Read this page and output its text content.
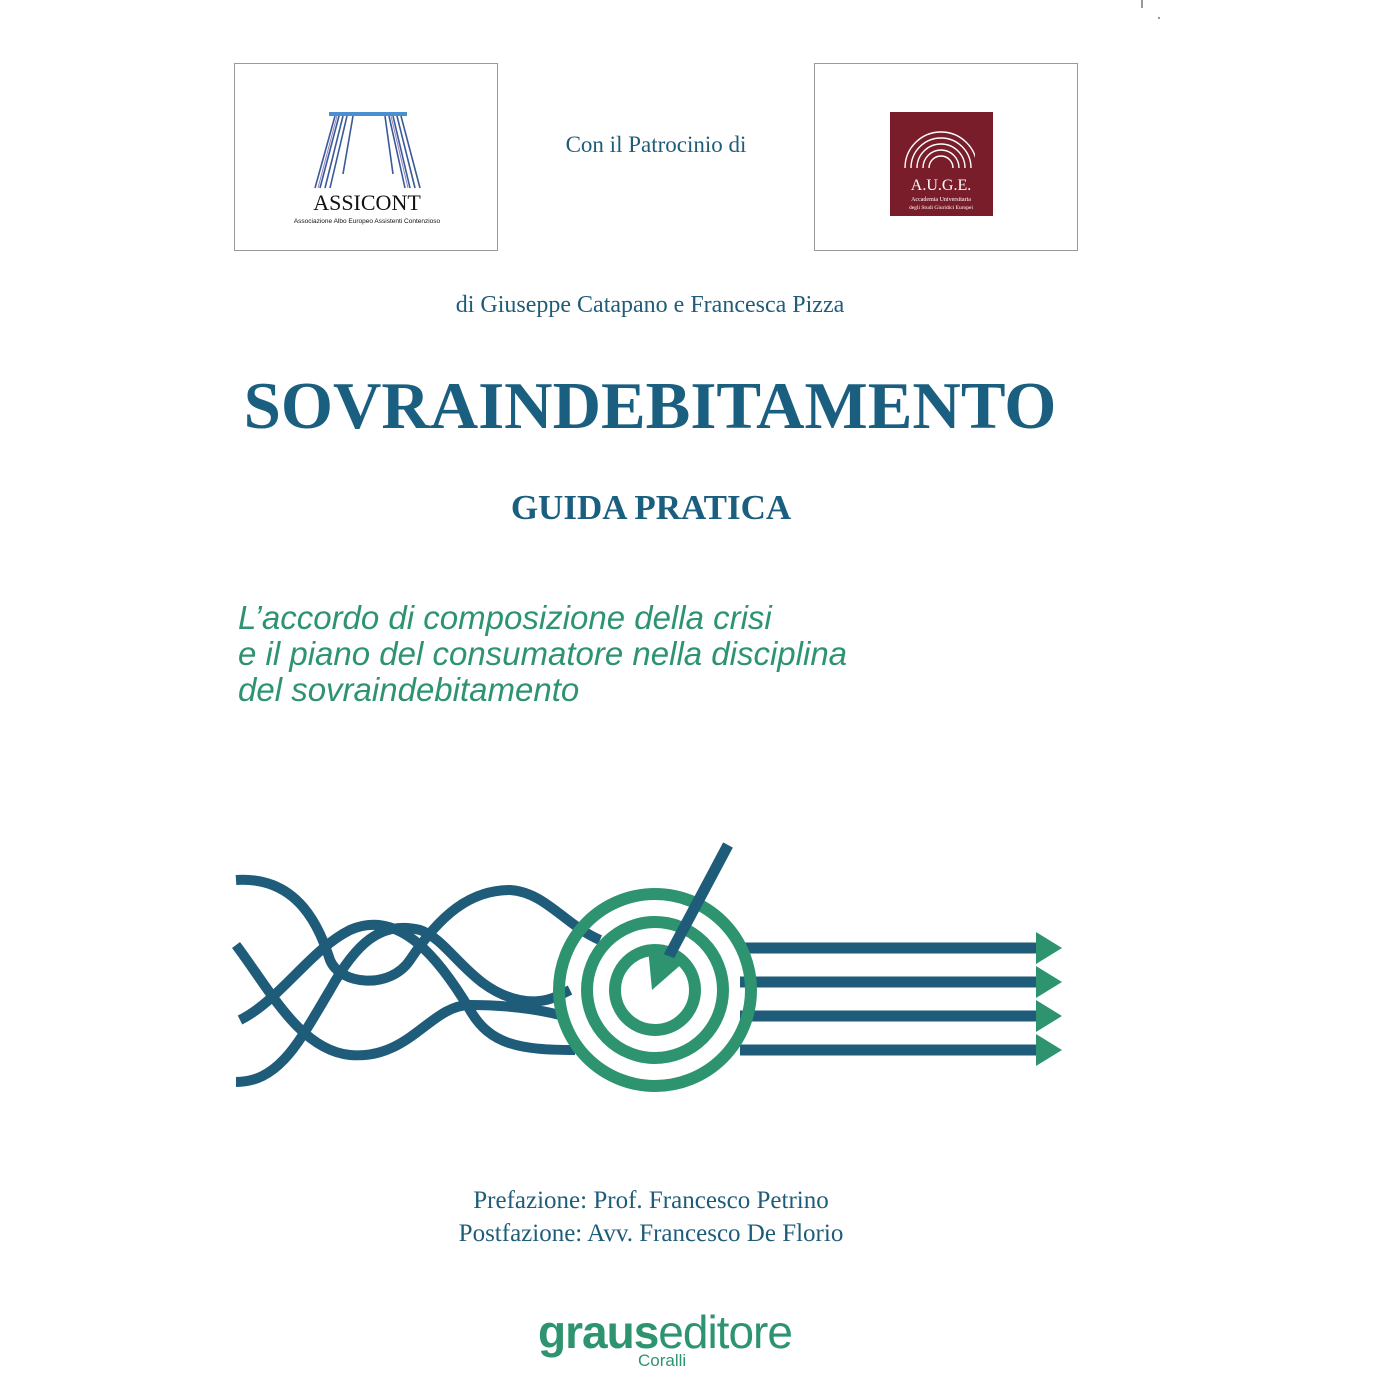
ASSICONT
Associazione Albo Europeo Assistenti Contenzioso
Con il Patrocinio di
A.U.G.E.
Accademia Universitaria
degli Studi Giuridici Europei
di Giuseppe Catapano e Francesca Pizza
SOVRAINDEBITAMENTO
GUIDA PRATICA
L’accordo di composizione della crisi
e il piano del consumatore nella disciplina
del sovraindebitamento
Prefazione: Prof. Francesco Petrino
Postfazione: Avv. Francesco De Florio
grauseditore
Coralli
